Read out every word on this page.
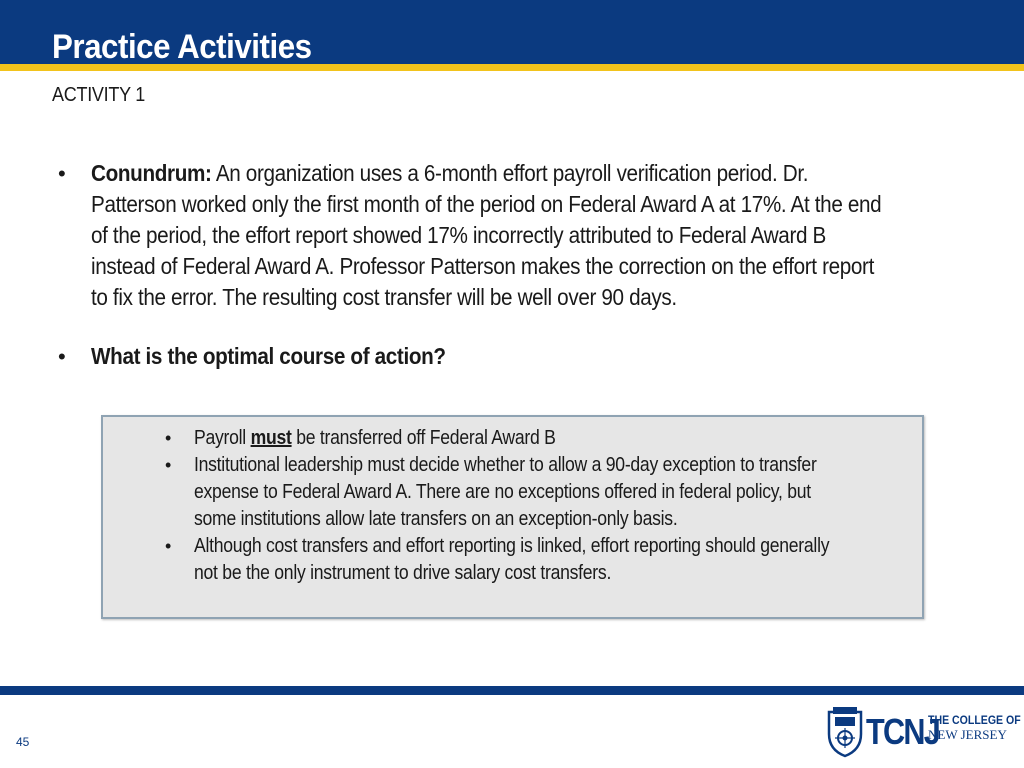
Practice Activities
ACTIVITY 1
•	Conundrum: An organization uses a 6-month effort payroll verification period. Dr. Patterson worked only the first month of the period on Federal Award A at 17%. At the end of the period, the effort report showed 17% incorrectly attributed to Federal Award B instead of Federal Award A. Professor Patterson makes the correction on the effort report to fix the error. The resulting cost transfer will be well over 90 days.
•	What is the optimal course of action?
•	Payroll must be transferred off Federal Award B
•	Institutional leadership must decide whether to allow a 90-day exception to transfer expense to Federal Award A. There are no exceptions offered in federal policy, but some institutions allow late transfers on an exception-only basis.
•	Although cost transfers and effort reporting is linked, effort reporting should generally not be the only instrument to drive salary cost transfers.
45	TCNJ
THE COLLEGE OF
NEW JERSEY
